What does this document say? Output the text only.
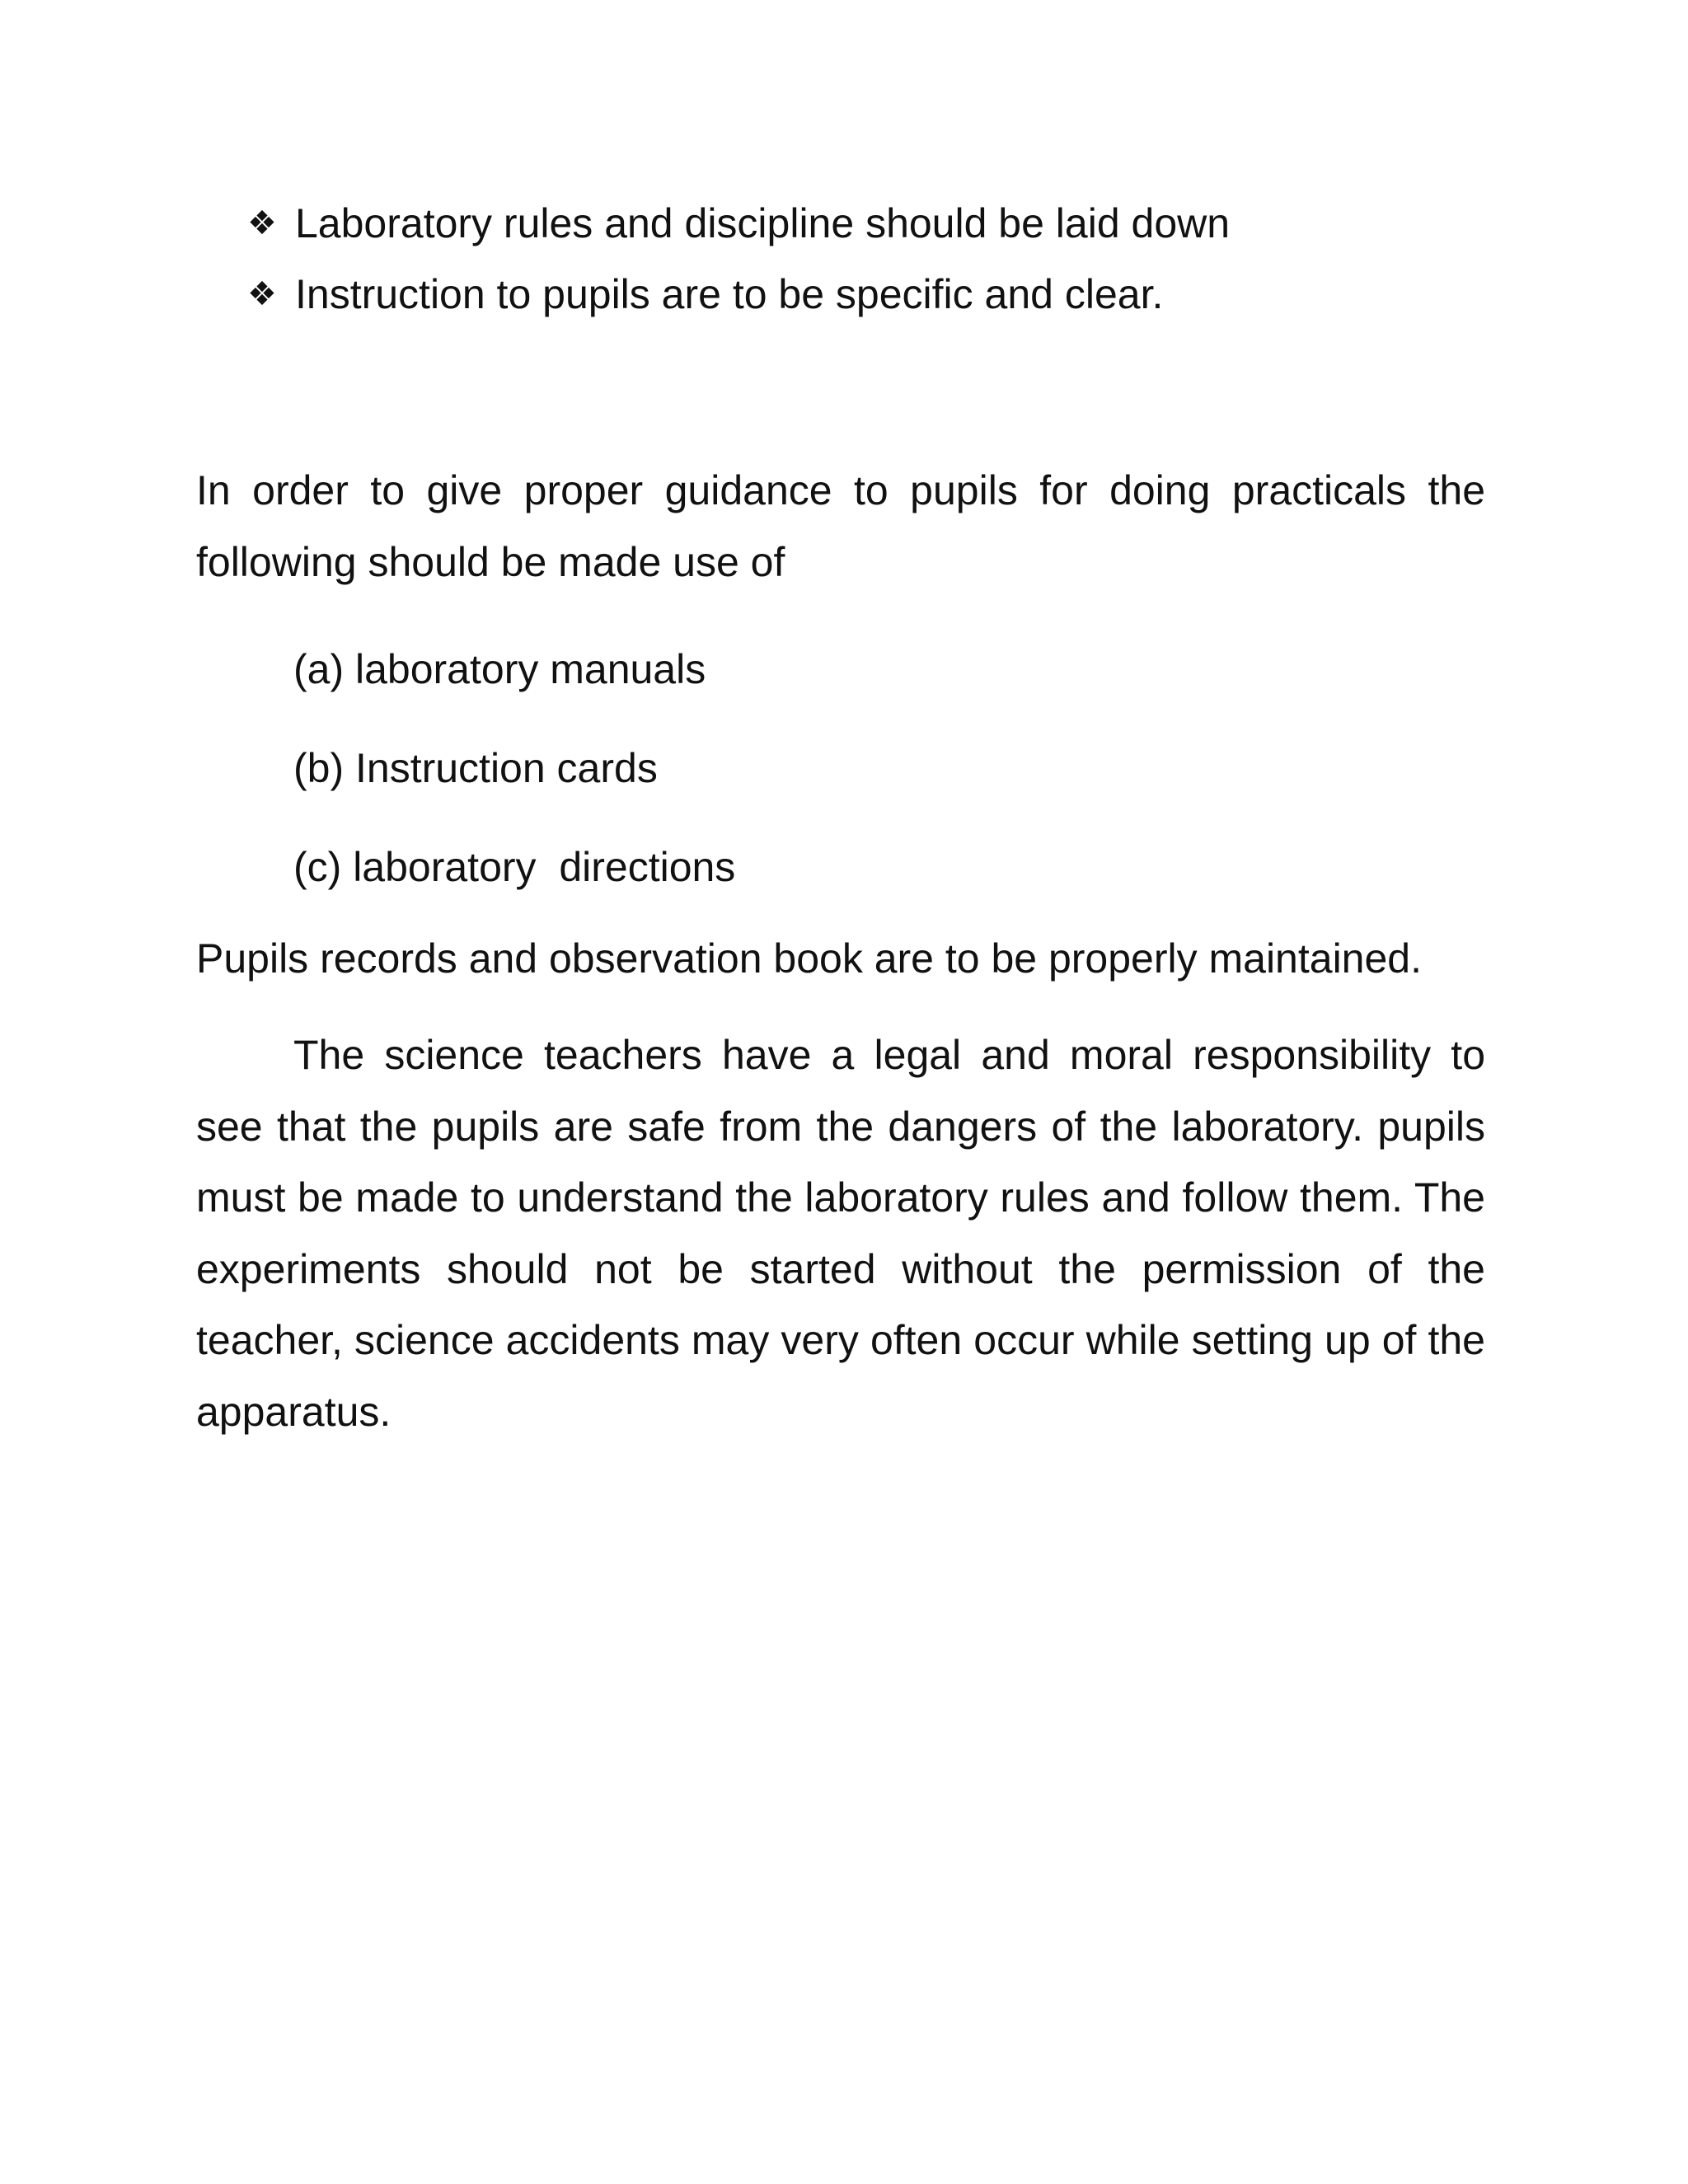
❖ Laboratory rules and discipline should be laid down
❖ Instruction to pupils are to be specific and clear.

In order to give proper guidance to pupils for doing practicals the following should be made use of

(a) laboratory manuals
(b) Instruction cards
(c) laboratory  directions

Pupils records and observation book are to be properly maintained.

The science teachers have a legal and moral responsibility to see that the pupils are safe from the dangers of the laboratory. pupils must be made to understand the laboratory rules and follow them. The experiments should not be started without the permission of the teacher, science accidents may very often occur while setting up of the apparatus.
